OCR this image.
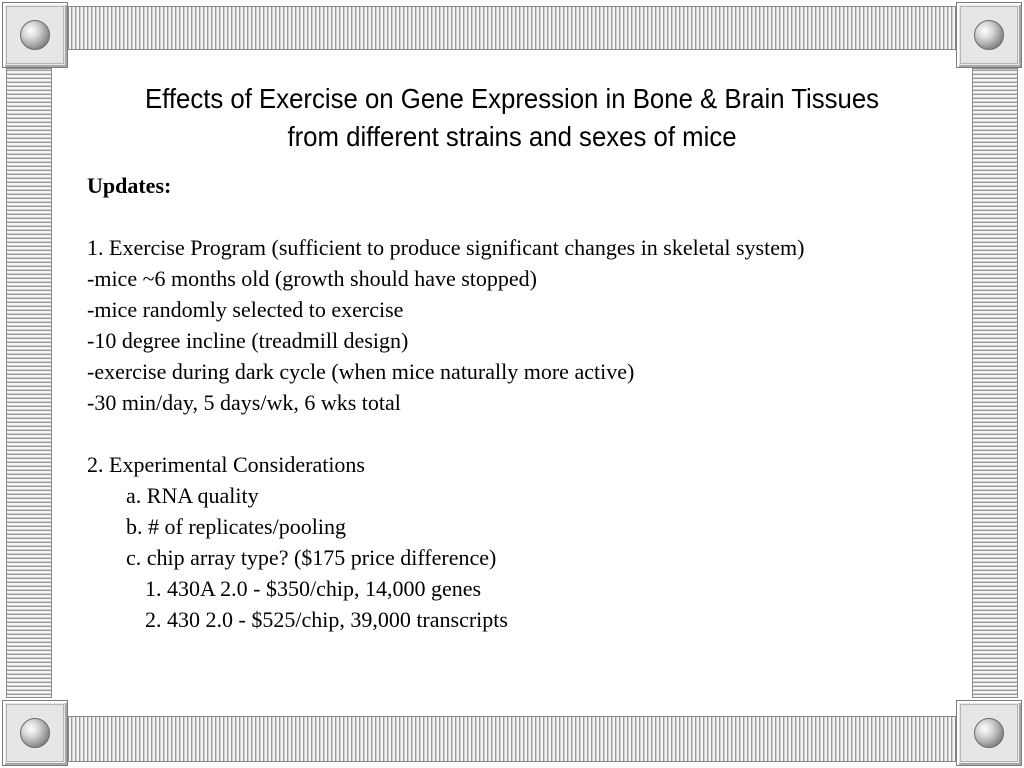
Effects of Exercise on Gene Expression in Bone & Brain Tissues
from different strains and sexes of mice
Updates:
1. Exercise Program (sufficient to produce significant changes in skeletal system)
-mice ~6 months old (growth should have stopped)
-mice randomly selected to exercise
-10 degree incline (treadmill design)
-exercise during dark cycle (when mice naturally more active)
-30 min/day, 5 days/wk, 6 wks total
2. Experimental Considerations
a. RNA quality
b. # of replicates/pooling
c. chip array type? ($175 price difference)
1. 430A 2.0 - $350/chip, 14,000 genes
2. 430 2.0 - $525/chip, 39,000 transcripts
